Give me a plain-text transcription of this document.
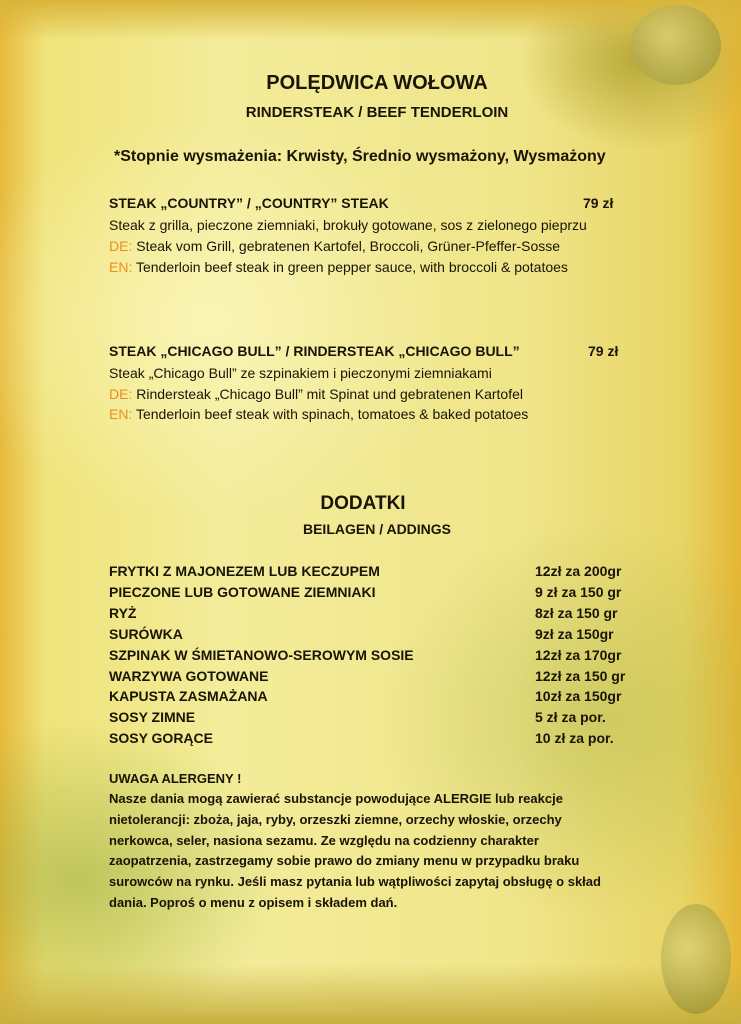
POLĘDWICA WOŁOWA
RINDERSTEAK / BEEF TENDERLOIN
*Stopnie wysmażenia: Krwisty, Średnio wysmażony, Wysmażony
STEAK „COUNTRY” / „COUNTRY” STEAK	79 zł
Steak z grilla, pieczone ziemniaki, brokuły gotowane, sos z zielonego pieprzu
DE: Steak vom Grill, gebratenen Kartofel, Broccoli, Grüner-Pfeffer-Sosse
EN: Tenderloin beef steak in green pepper sauce, with broccoli & potatoes
STEAK „CHICAGO BULL” / RINDERSTEAK „CHICAGO BULL”	79 zł
Steak „Chicago Bull” ze szpinakiem i pieczonymi ziemniakami
DE: Rindersteak „Chicago Bull” mit Spinat und gebratenen Kartofel
EN: Tenderloin beef steak with spinach, tomatoes & baked potatoes
DODATKI
BEILAGEN / ADDINGS
FRYTKI Z MAJONEZEM LUB KECZUPEM	12zł za 200gr
PIECZONE LUB GOTOWANE ZIEMNIAKI	9 zł za 150 gr
RYŻ	8zł za 150 gr
SURÓWKA	9zł za 150gr
SZPINAK W ŚMIETANOWO-SEROWYM SOSIE	12zł za 170gr
WARZYWA GOTOWANE	12zł za 150 gr
KAPUSTA ZASMAŻANA	10zł za 150gr
SOSY ZIMNE	5 zł za por.
SOSY GORĄCE	10 zł za por.
UWAGA ALERGENY !
Nasze dania mogą zawierać substancje powodujące ALERGIE lub reakcje
nietolerancji: zboża, jaja, ryby, orzeszki ziemne, orzechy włoskie, orzechy
nerkowca, seler, nasiona sezamu. Ze względu na codzienny charakter
zaopatrzenia, zastrzegamy sobie prawo do zmiany menu w przypadku braku
surowców na rynku. Jeśli masz pytania lub wątpliwości zapytaj obsługę o skład
dania. Poproś o menu z opisem i składem dań.
